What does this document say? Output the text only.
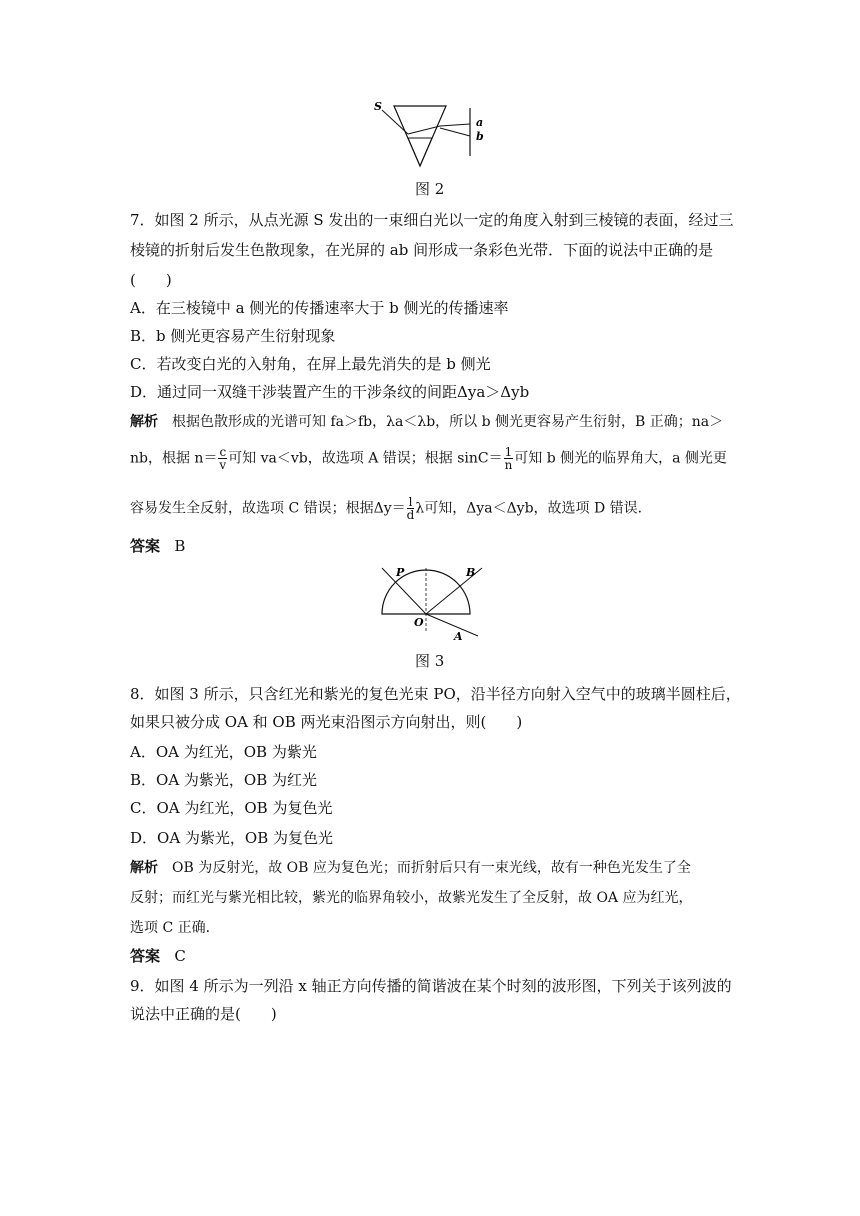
S
a
b
图 2
7．如图 2 所示，从点光源 S 发出的一束细白光以一定的角度入射到三棱镜的表面，经过三
棱镜的折射后发生色散现象，在光屏的 ab 间形成一条彩色光带．下面的说法中正确的是
(　　)
A．在三棱镜中 a 侧光的传播速率大于 b 侧光的传播速率
B．b 侧光更容易产生衍射现象
C．若改变白光的入射角，在屏上最先消失的是 b 侧光
D．通过同一双缝干涉装置产生的干涉条纹的间距Δya＞Δyb
解析 根据色散形成的光谱可知 fa＞fb，λa＜λb，所以 b 侧光更容易产生衍射，B 正确；na＞
nb，根据 $n= \frac{c}{v}$ 可知 va＜vb，故选项 A 错误；根据 $\sin C= \frac{1}{n}$ 可知 b 侧光的临界角大，a 侧光更
容易发生全反射，故选项 C 错误；根据$\Delta y= \frac{l}{d}$ λ可知，Δya＜Δyb，故选项 D 错误．
答案 B
P	B
O
A
图 3
8．如图 3 所示，只含红光和紫光的复色光束 PO，沿半径方向射入空气中的玻璃半圆柱后，
如果只被分成 OA 和 OB 两光束沿图示方向射出，则(　　)
A．OA 为红光，OB 为紫光
B．OA 为紫光，OB 为红光
C．OA 为红光，OB 为复色光
D．OA 为紫光，OB 为复色光
解析 OB 为反射光，故 OB 应为复色光；而折射后只有一束光线，故有一种色光发生了全
反射；而红光与紫光相比较，紫光的临界角较小，故紫光发生了全反射，故 OA 应为红光，
选项 C 正确．
答案 C
9．如图 4 所示为一列沿 x 轴正方向传播的简谐波在某个时刻的波形图，下列关于该列波的
说法中正确的是(　　)
